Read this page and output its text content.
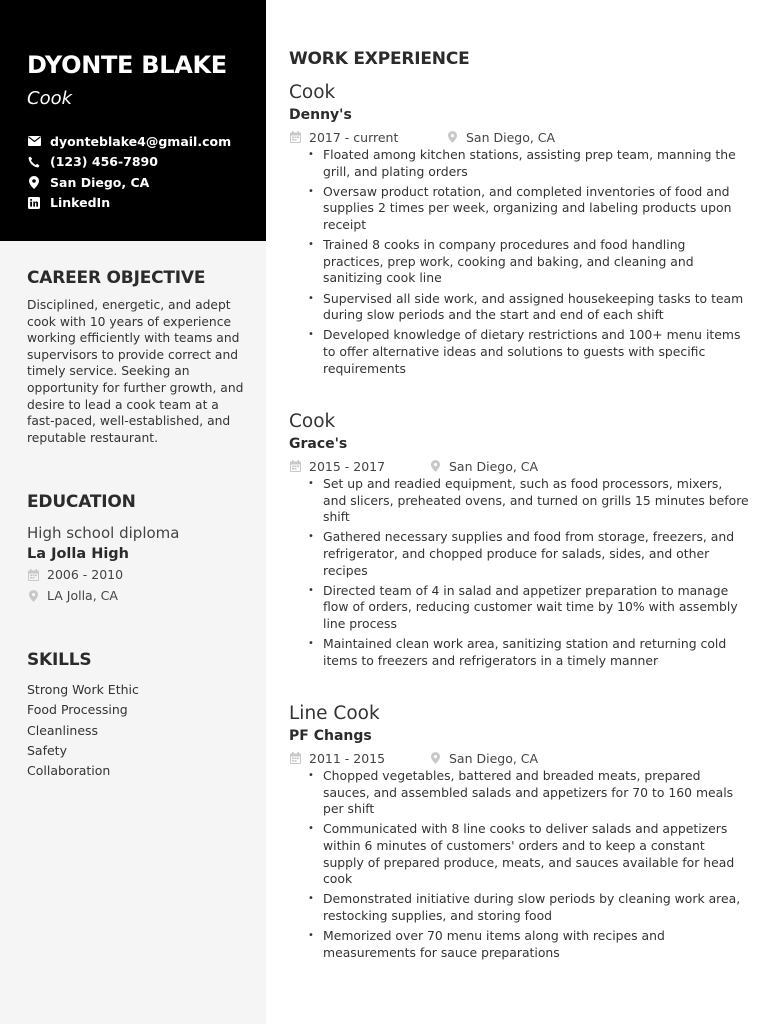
DYONTE BLAKE
Cook
dyonteblake4@gmail.com
(123) 456-7890
San Diego, CA
LinkedIn
CAREER OBJECTIVE
Disciplined, energetic, and adept cook with 10 years of experience working efficiently with teams and supervisors to provide correct and timely service. Seeking an opportunity for further growth, and desire to lead a cook team at a fast-paced, well-established, and reputable restaurant.
EDUCATION
High school diploma
La Jolla High
2006 - 2010
LA Jolla, CA
SKILLS
Strong Work Ethic
Food Processing
Cleanliness
Safety
Collaboration
WORK EXPERIENCE
Cook
Denny's
2017 - current	San Diego, CA
• Floated among kitchen stations, assisting prep team, manning the grill, and plating orders
• Oversaw product rotation, and completed inventories of food and supplies 2 times per week, organizing and labeling products upon receipt
• Trained 8 cooks in company procedures and food handling practices, prep work, cooking and baking, and cleaning and sanitizing cook line
• Supervised all side work, and assigned housekeeping tasks to team during slow periods and the start and end of each shift
• Developed knowledge of dietary restrictions and 100+ menu items to offer alternative ideas and solutions to guests with specific requirements
Cook
Grace's
2015 - 2017	San Diego, CA
• Set up and readied equipment, such as food processors, mixers, and slicers, preheated ovens, and turned on grills 15 minutes before shift
• Gathered necessary supplies and food from storage, freezers, and refrigerator, and chopped produce for salads, sides, and other recipes
• Directed team of 4 in salad and appetizer preparation to manage flow of orders, reducing customer wait time by 10% with assembly line process
• Maintained clean work area, sanitizing station and returning cold items to freezers and refrigerators in a timely manner
Line Cook
PF Changs
2011 - 2015	San Diego, CA
• Chopped vegetables, battered and breaded meats, prepared sauces, and assembled salads and appetizers for 70 to 160 meals per shift
• Communicated with 8 line cooks to deliver salads and appetizers within 6 minutes of customers' orders and to keep a constant supply of prepared produce, meats, and sauces available for head cook
• Demonstrated initiative during slow periods by cleaning work area, restocking supplies, and storing food
• Memorized over 70 menu items along with recipes and measurements for sauce preparations
